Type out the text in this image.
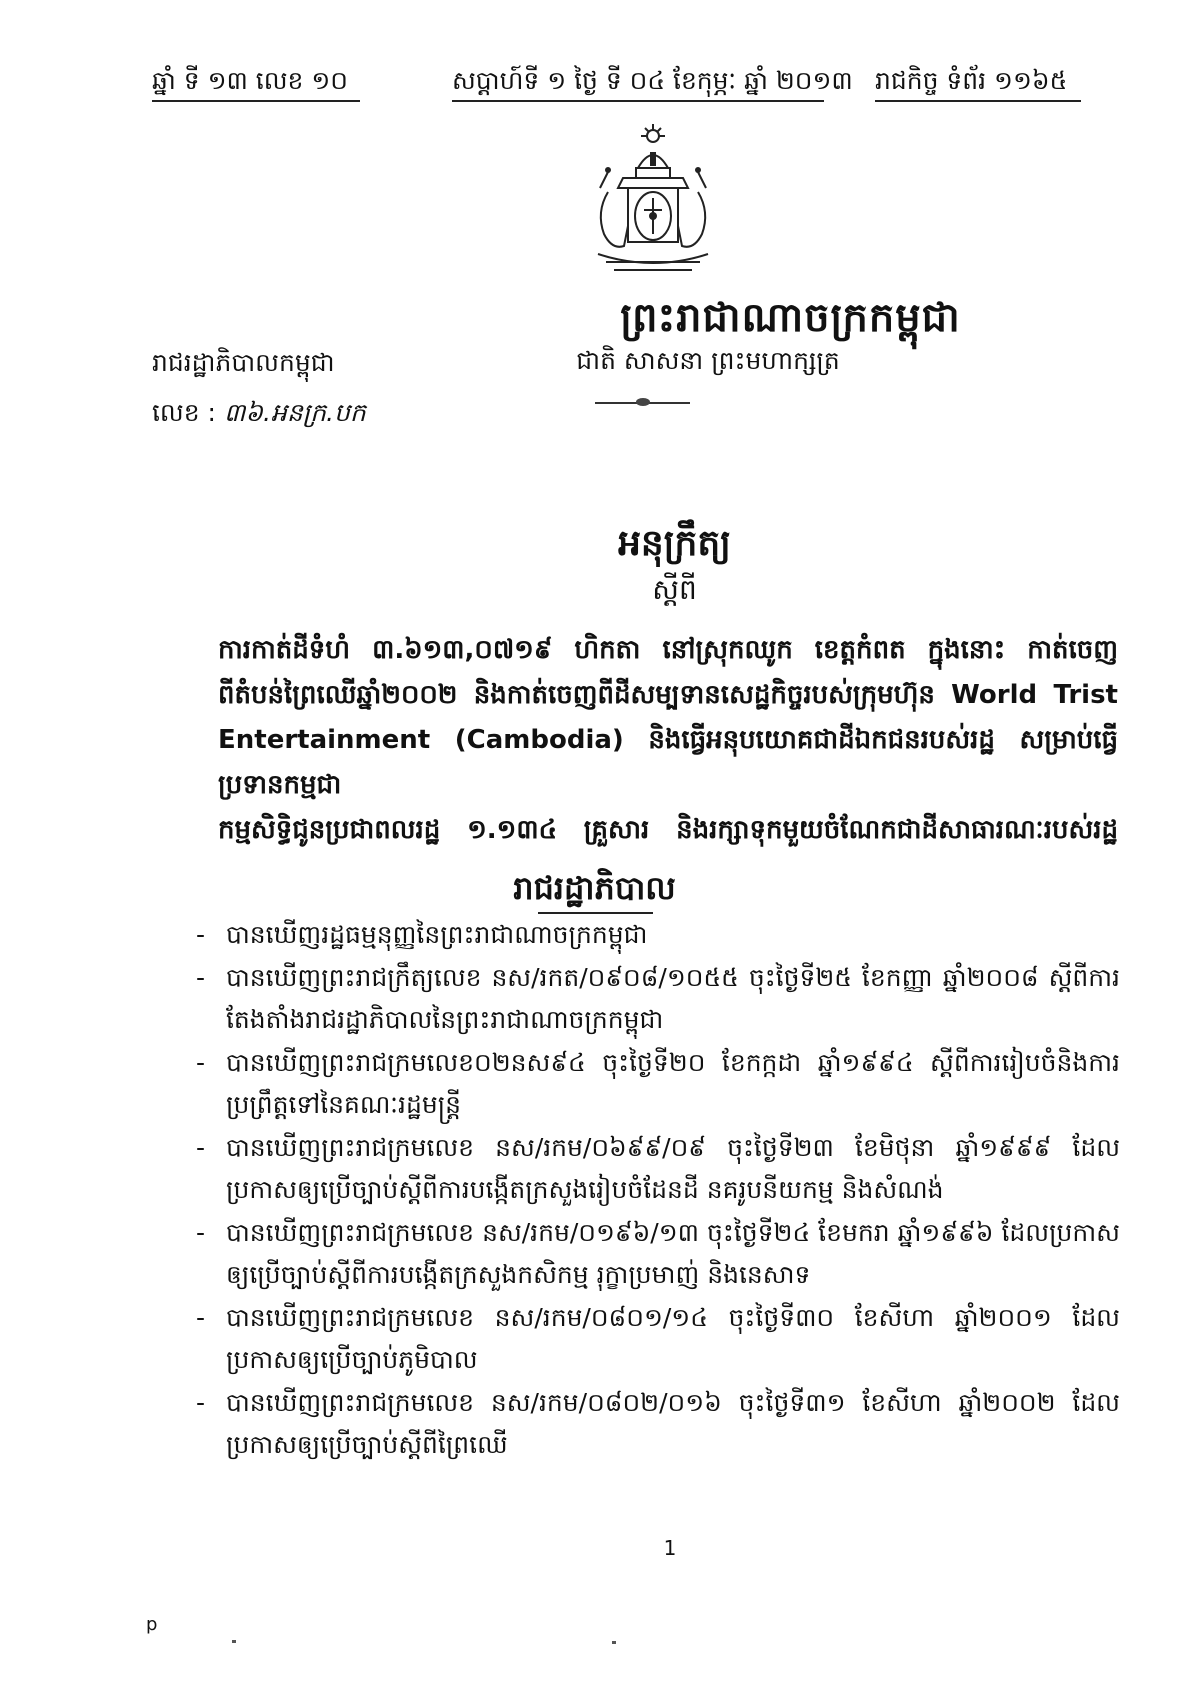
ឆ្នាំ ទី ១៣ លេខ ១០	សប្តាហ៍ទី ១ ថ្ងៃ ទី ០៤ ខែកុម្ភៈ ឆ្នាំ ២០១៣ រាជកិច្ច ទំព័រ ១១៦៥
ព្រះរាជាណាចក្រកម្ពុជា
ជាតិ សាសនា ព្រះមហាក្សត្រ
រាជរដ្ឋាភិបាលកម្ពុជា
លេខ : ៣៦.អនក្រ.បក
អនុក្រឹត្យ
ស្តីពី
ការកាត់ដីទំហំ ៣.៦១៣,០៧១៩ ហិកតា នៅស្រុកឈូក ខេត្តកំពត ក្នុងនោះ កាត់ចេញ
ពីតំបន់ព្រៃឈើឆ្នាំ២០០២ និងកាត់ចេញពីដីសម្បទានសេដ្ឋកិច្ចរបស់ក្រុមហ៊ុន World Trist
Entertainment (Cambodia) និងធ្វើអនុបយោគជាដីឯកជនរបស់រដ្ឋ សម្រាប់ធ្វើប្រទានកម្មជា
កម្មសិទ្ធិជូនប្រជាពលរដ្ឋ ១.១៣៤ គ្រួសារ និងរក្សាទុកមួយចំណែកជាដីសាធារណៈរបស់រដ្ឋ
រាជរដ្ឋាភិបាល
- បានឃើញរដ្ឋធម្មនុញ្ញនៃព្រះរាជាណាចក្រកម្ពុជា
- បានឃើញព្រះរាជក្រឹត្យលេខ នស/រកត/០៩០៨/១០៥៥ ចុះថ្ងៃទី២៥ ខែកញ្ញា ឆ្នាំ២០០៨ ស្តីពីការតែងតាំងរាជរដ្ឋាភិបាលនៃព្រះរាជាណាចក្រកម្ពុជា
- បានឃើញព្រះរាជក្រមលេខ០២នស៩៤ ចុះថ្ងៃទី២០ ខែកក្កដា ឆ្នាំ១៩៩៤ ស្តីពីការរៀបចំនិងការប្រព្រឹត្តទៅនៃគណៈរដ្ឋមន្ត្រី
- បានឃើញព្រះរាជក្រមលេខ នស/រកម/០៦៩៩/០៩ ចុះថ្ងៃទី២៣ ខែមិថុនា ឆ្នាំ១៩៩៩ ដែលប្រកាសឲ្យប្រើច្បាប់ស្តីពីការបង្កើតក្រសួងរៀបចំដែនដី នគរូបនីយកម្ម និងសំណង់
- បានឃើញព្រះរាជក្រមលេខ នស/រកម/០១៩៦/១៣ ចុះថ្ងៃទី២៤ ខែមករា ឆ្នាំ១៩៩៦ ដែលប្រកាសឲ្យប្រើច្បាប់ស្តីពីការបង្កើតក្រសួងកសិកម្ម រុក្ខាប្រមាញ់ និងនេសាទ
- បានឃើញព្រះរាជក្រមលេខ នស/រកម/០៨០១/១៤ ចុះថ្ងៃទី៣០ ខែសីហា ឆ្នាំ២០០១ ដែលប្រកាសឲ្យប្រើច្បាប់ភូមិបាល
- បានឃើញព្រះរាជក្រមលេខ នស/រកម/០៨០២/០១៦ ចុះថ្ងៃទី៣១ ខែសីហា ឆ្នាំ២០០២ ដែលប្រកាសឲ្យប្រើច្បាប់ស្តីពីព្រៃឈើ
1
p
